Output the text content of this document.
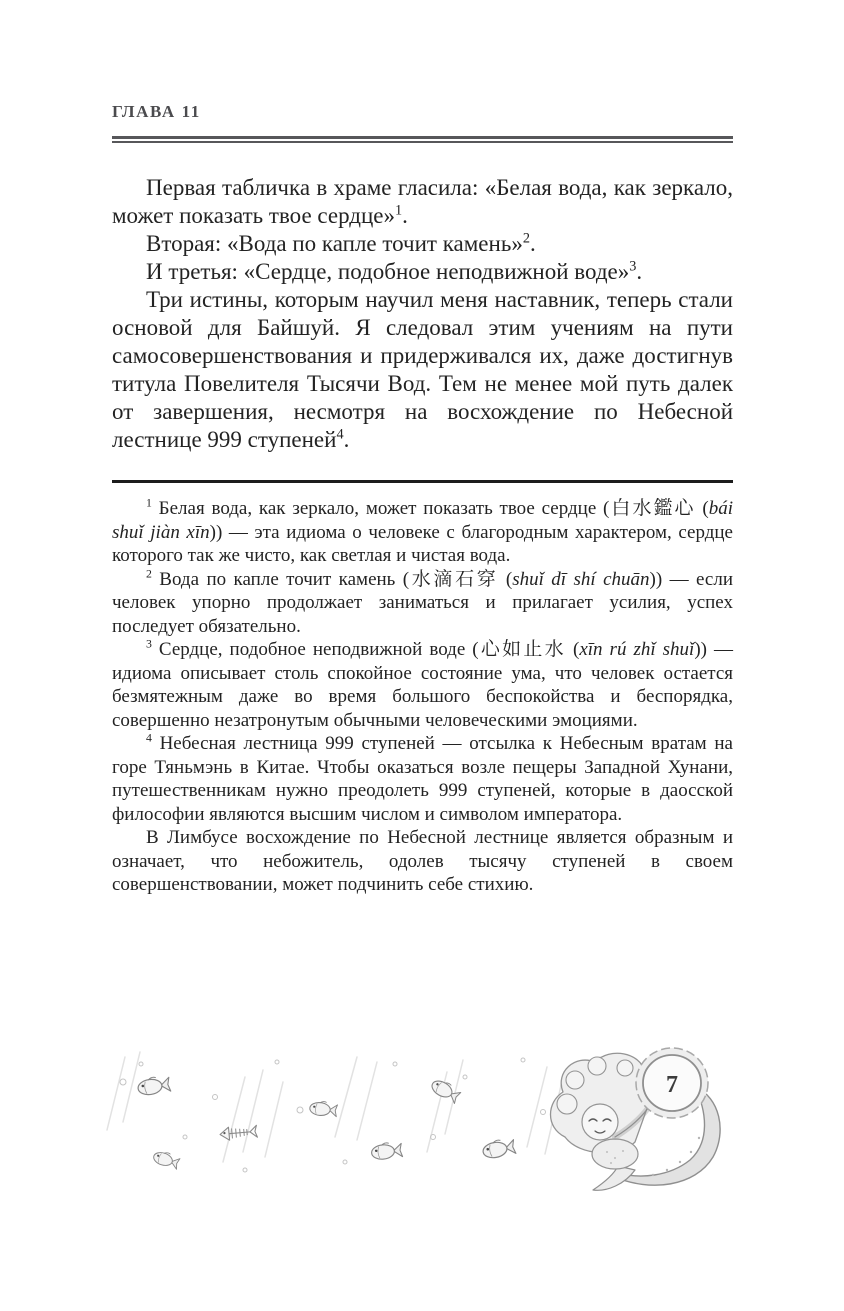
ГЛАВА 11

Первая табличка в храме гласила: «Белая вода, как зеркало, может показать твое сердце»$^1$.

Вторая: «Вода по капле точит камень»$^2$.

И третья: «Сердце, подобное неподвижной воде»$^3$.

Три истины, которым научил меня наставник, теперь стали основой для Байшуй. Я следовал этим учениям на пути самосовершенствования и придерживался их, даже достигнув титула Повелителя Тысячи Вод. Тем не менее мой путь далек от завершения, несмотря на восхождение по Небесной лестнице 999 ступеней$^4$.

$^1$ Белая вода, как зеркало, может показать твое сердце (白水鑑心 (bái shuǐ jiàn xīn)) — эта идиома о человеке с благородным характером, сердце которого так же чисто, как светлая и чистая вода.

$^2$ Вода по капле точит камень (水滴石穿 (shuǐ dī shí chuān)) — если человек упорно продолжает заниматься и прилагает усилия, успех последует обязательно.

$^3$ Сердце, подобное неподвижной воде (心如止水 (xīn rú zhǐ shuǐ)) — идиома описывает столь спокойное состояние ума, что человек остается безмятежным даже во время большого беспокойства и беспорядка, совершенно незатронутым обычными человеческими эмоциями.

$^4$ Небесная лестница 999 ступеней — отсылка к Небесным вратам на горе Тяньмэнь в Китае. Чтобы оказаться возле пещеры Западной Хунани, путешественникам нужно преодолеть 999 ступеней, которые в даосской философии являются высшим числом и символом императора.

В Лимбусе восхождение по Небесной лестнице является образным и означает, что небожитель, одолев тысячу ступеней в своем совершенствовании, может подчинить себе стихию.

7
